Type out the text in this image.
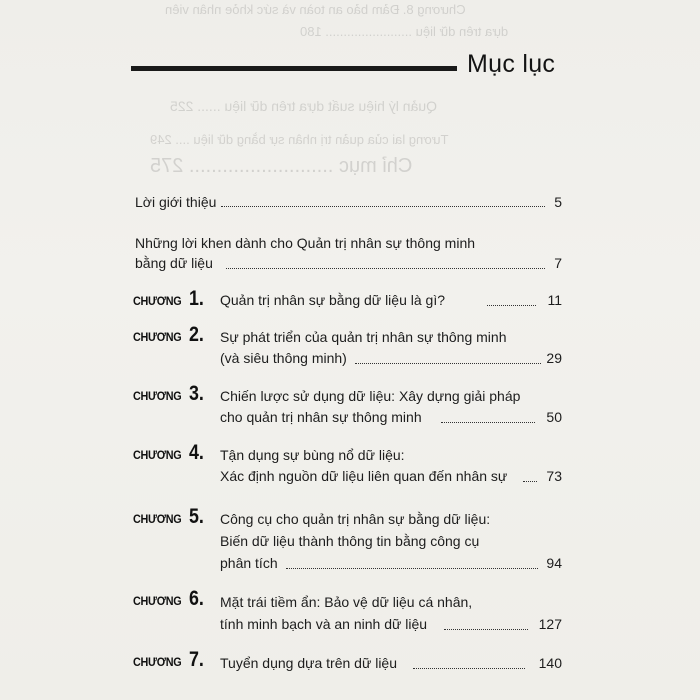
Chương 8. Đảm bảo an toàn và sức khỏe nhân viên
dựa trên dữ liệu ........................ 180
Quản lý hiệu suất dựa trên dữ liệu ...... 225
Tương lai của quản trị nhân sự bằng dữ liệu .... 249
Chỉ mục .......................... 275
Mục lục
Lời giới thiệu	5
Những lời khen dành cho Quản trị nhân sự thông minh
bằng dữ liệu	7
CHƯƠNG 1. Quản trị nhân sự bằng dữ liệu là gì?	11
CHƯƠNG 2. Sự phát triển của quản trị nhân sự thông minh
(và siêu thông minh)	29
CHƯƠNG 3. Chiến lược sử dụng dữ liệu: Xây dựng giải pháp
cho quản trị nhân sự thông minh	50
CHƯƠNG 4. Tận dụng sự bùng nổ dữ liệu:
Xác định nguồn dữ liệu liên quan đến nhân sự	73
CHƯƠNG 5. Công cụ cho quản trị nhân sự bằng dữ liệu:
Biến dữ liệu thành thông tin bằng công cụ
phân tích	94
CHƯƠNG 6. Mặt trái tiềm ẩn: Bảo vệ dữ liệu cá nhân,
tính minh bạch và an ninh dữ liệu	127
CHƯƠNG 7. Tuyển dụng dựa trên dữ liệu	140
